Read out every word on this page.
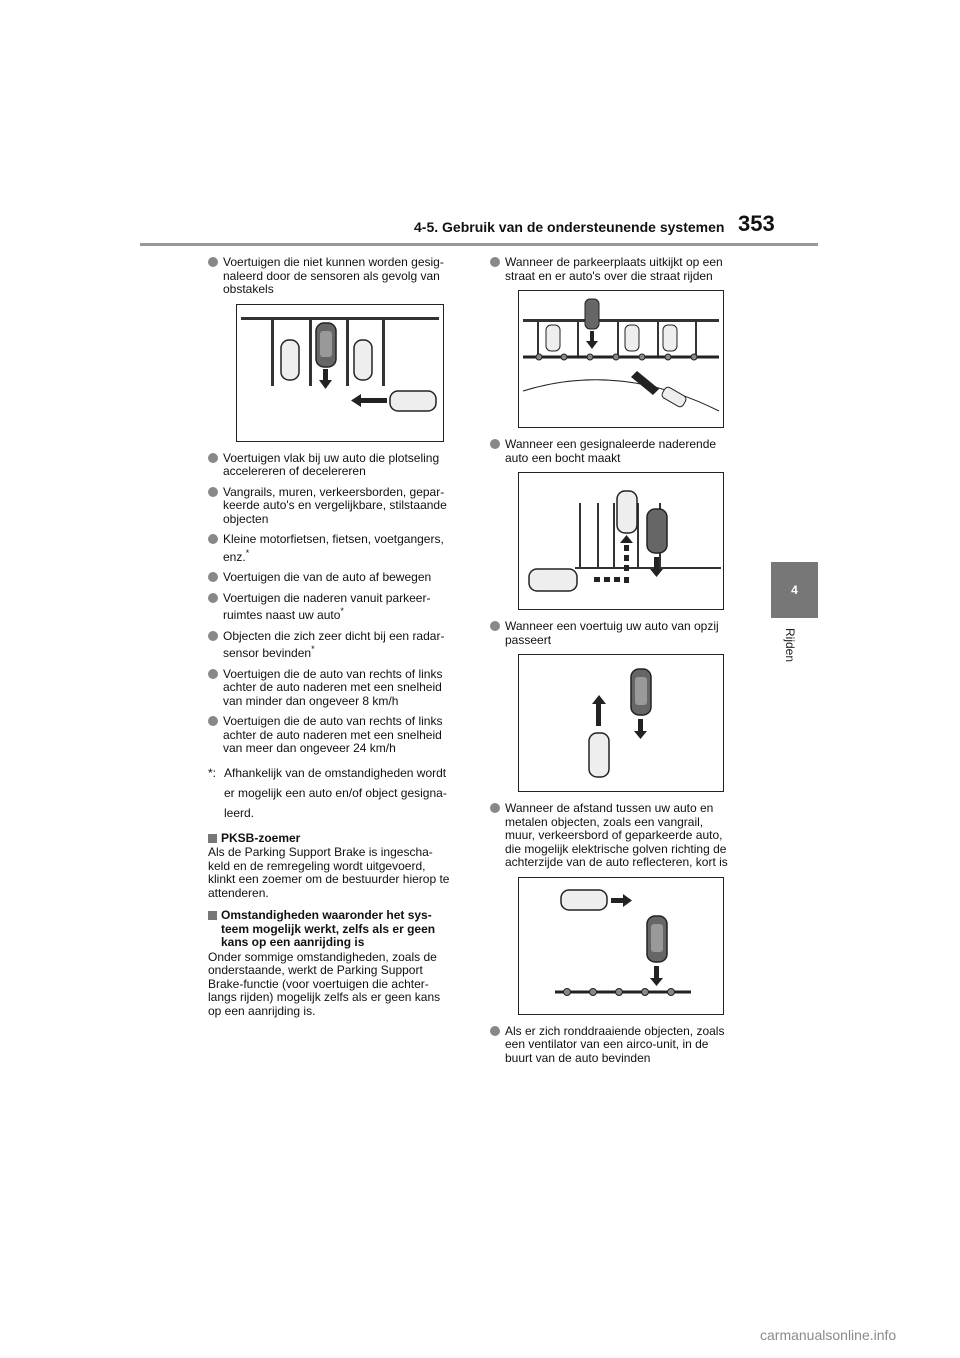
4-5. Gebruik van de ondersteunende systemen 353
4
Rijden
Voertuigen die niet kunnen worden gesig-
naleerd door de sensoren als gevolg van
obstakels
Voertuigen vlak bij uw auto die plotseling
accelereren of decelereren
Vangrails, muren, verkeersborden, gepar-
keerde auto's en vergelijkbare, stilstaande
objecten
Kleine motorfietsen, fietsen, voetgangers,
enz.*
Voertuigen die van de auto af bewegen
Voertuigen die naderen vanuit parkeer-
ruimtes naast uw auto*
Objecten die zich zeer dicht bij een radar-
sensor bevinden*
Voertuigen die de auto van rechts of links
achter de auto naderen met een snelheid
van minder dan ongeveer 8 km/h
Voertuigen die de auto van rechts of links
achter de auto naderen met een snelheid
van meer dan ongeveer 24 km/h
*: Afhankelijk van de omstandigheden wordt
er mogelijk een auto en/of object gesigna-
leerd.
PKSB-zoemer
Als de Parking Support Brake is ingescha-
keld en de remregeling wordt uitgevoerd,
klinkt een zoemer om de bestuurder hierop te
attenderen.
Omstandigheden waaronder het sys-
teem mogelijk werkt, zelfs als er geen
kans op een aanrijding is
Onder sommige omstandigheden, zoals de
onderstaande, werkt de Parking Support
Brake-functie (voor voertuigen die achter-
langs rijden) mogelijk zelfs als er geen kans
op een aanrijding is.
Wanneer de parkeerplaats uitkijkt op een
straat en er auto's over die straat rijden
Wanneer een gesignaleerde naderende
auto een bocht maakt
Wanneer een voertuig uw auto van opzij
passeert
Wanneer de afstand tussen uw auto en
metalen objecten, zoals een vangrail,
muur, verkeersbord of geparkeerde auto,
die mogelijk elektrische golven richting de
achterzijde van de auto reflecteren, kort is
Als er zich ronddraaiende objecten, zoals
een ventilator van een airco-unit, in de
buurt van de auto bevinden
carmanualsonline.info
